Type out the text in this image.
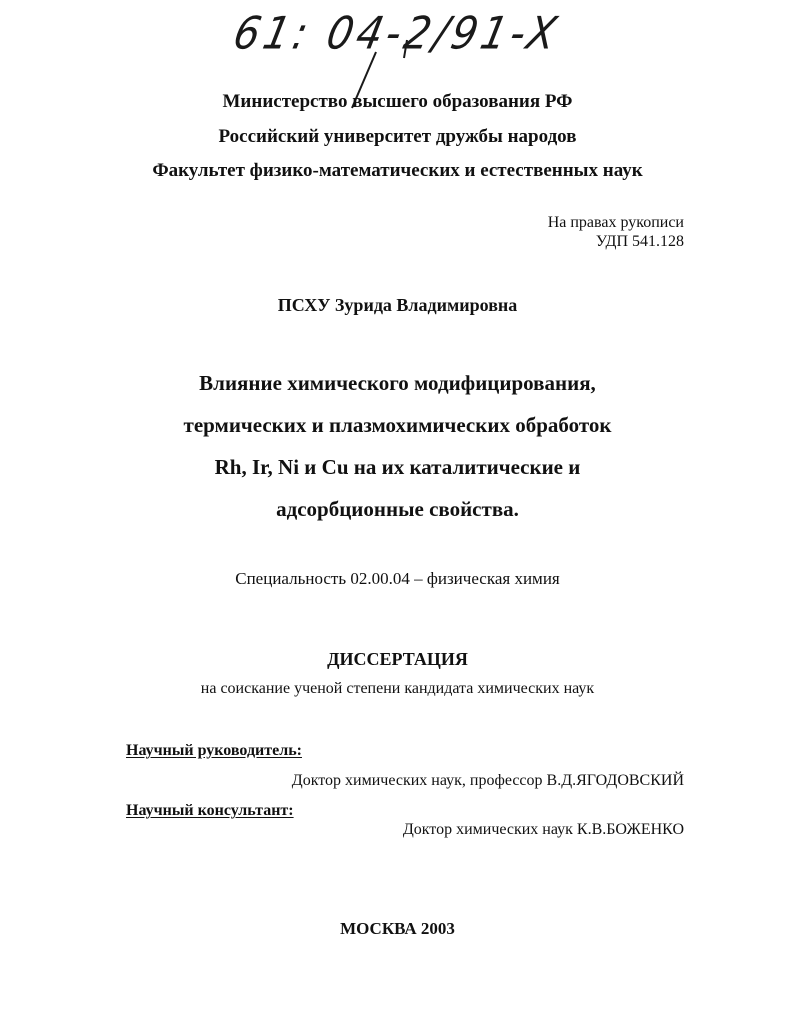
61: 04-2/91-X
Министерство высшего образования РФ
Российский университет дружбы народов
Факультет физико-математических и естественных наук
На правах рукописи
УДП 541.128
ПСХУ Зурида Владимировна
Влияние химического модифицирования,
термических и плазмохимических обработок
Rh, Ir, Ni и Cu на их каталитические и
адсорбционные свойства.
Специальность 02.00.04 – физическая химия
ДИССЕРТАЦИЯ
на соискание ученой степени кандидата химических наук
Научный руководитель:
Доктор химических наук, профессор В.Д.ЯГОДОВСКИЙ
Научный консультант:
Доктор химических наук К.В.БОЖЕНКО
МОСКВА 2003
